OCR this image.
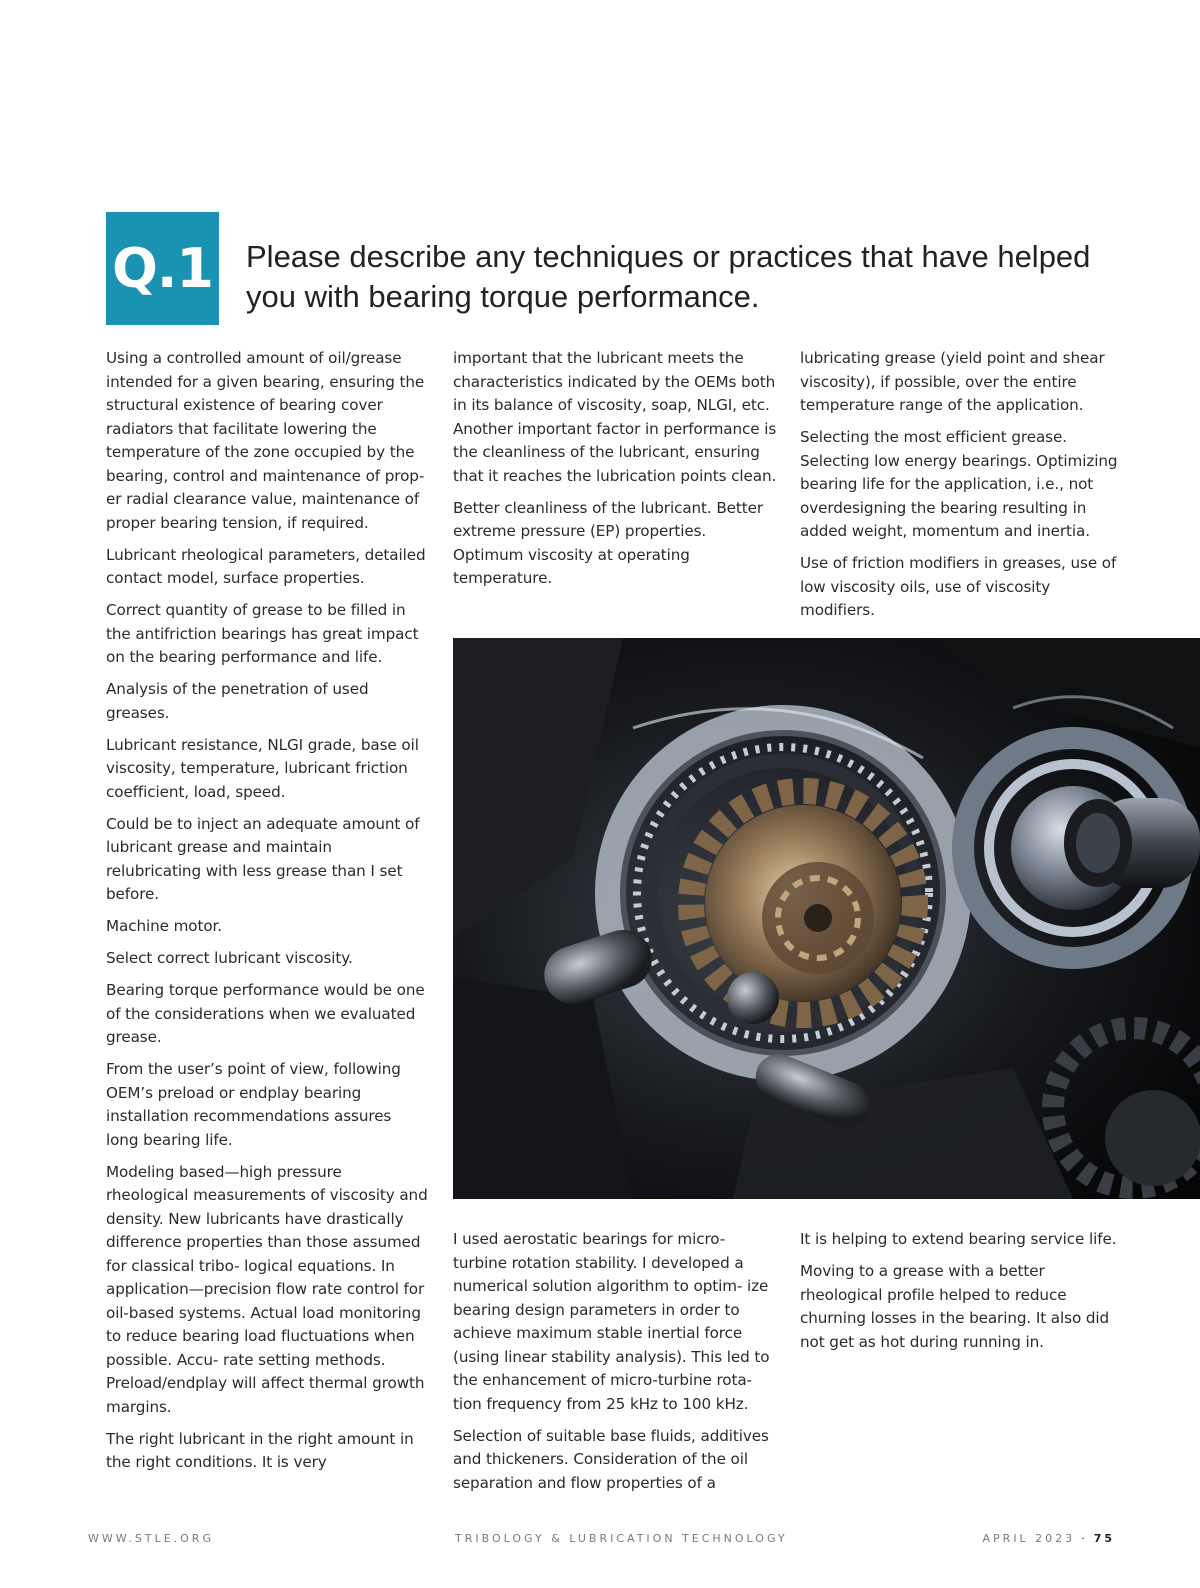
Q.1 Please describe any techniques or practices that have helped
you with bearing torque performance.

Using a controlled amount of oil/grease intended for a given bearing, ensuring the structural existence of bearing cover radiators that facilitate lowering the temperature of the zone occupied by the bearing, control and maintenance of prop- er radial clearance value, maintenance of proper bearing tension, if required.

Lubricant rheological parameters, detailed contact model, surface properties.

Correct quantity of grease to be filled in the antifriction bearings has great impact on the bearing performance and life.

Analysis of the penetration of used greases.

Lubricant resistance, NLGI grade, base oil viscosity, temperature, lubricant friction coefficient, load, speed.

Could be to inject an adequate amount of lubricant grease and maintain relubricating with less grease than I set before.

Machine motor.

Select correct lubricant viscosity.

Bearing torque performance would be one of the considerations when we evaluated grease.

From the user’s point of view, following OEM’s preload or endplay bearing installation recommendations assures long bearing life.

Modeling based—high pressure rheological measurements of viscosity and density. New lubricants have drastically difference properties than those assumed for classical tribo- logical equations. In application—precision flow rate control for oil-based systems. Actual load monitoring to reduce bearing load fluctuations when possible. Accu- rate setting methods. Preload/endplay will affect thermal growth margins.

The right lubricant in the right amount in the right conditions. It is very

important that the lubricant meets the characteristics indicated by the OEMs both in its balance of viscosity, soap, NLGI, etc. Another important factor in performance is the cleanliness of the lubricant, ensuring that it reaches the lubrication points clean.

Better cleanliness of the lubricant. Better extreme pressure (EP) properties. Optimum viscosity at operating temperature.

lubricating grease (yield point and shear viscosity), if possible, over the entire temperature range of the application.

Selecting the most efficient grease. Selecting low energy bearings. Optimizing bearing life for the application, i.e., not overdesigning the bearing resulting in added weight, momentum and inertia.

Use of friction modifiers in greases, use of low viscosity oils, use of viscosity modifiers.

I used aerostatic bearings for micro- turbine rotation stability. I developed a numerical solution algorithm to optim- ize bearing design parameters in order to achieve maximum stable inertial force (using linear stability analysis). This led to the enhancement of micro-turbine rota- tion frequency from 25 kHz to 100 kHz.

Selection of suitable base fluids, additives and thickeners. Consideration of the oil separation and flow properties of a

It is helping to extend bearing service life.

Moving to a grease with a better rheological profile helped to reduce churning losses in the bearing. It also did not get as hot during running in.

WWW.STLE.ORG	TRIBOLOGY & LUBRICATION TECHNOLOGY	APRIL 2023 · 75
